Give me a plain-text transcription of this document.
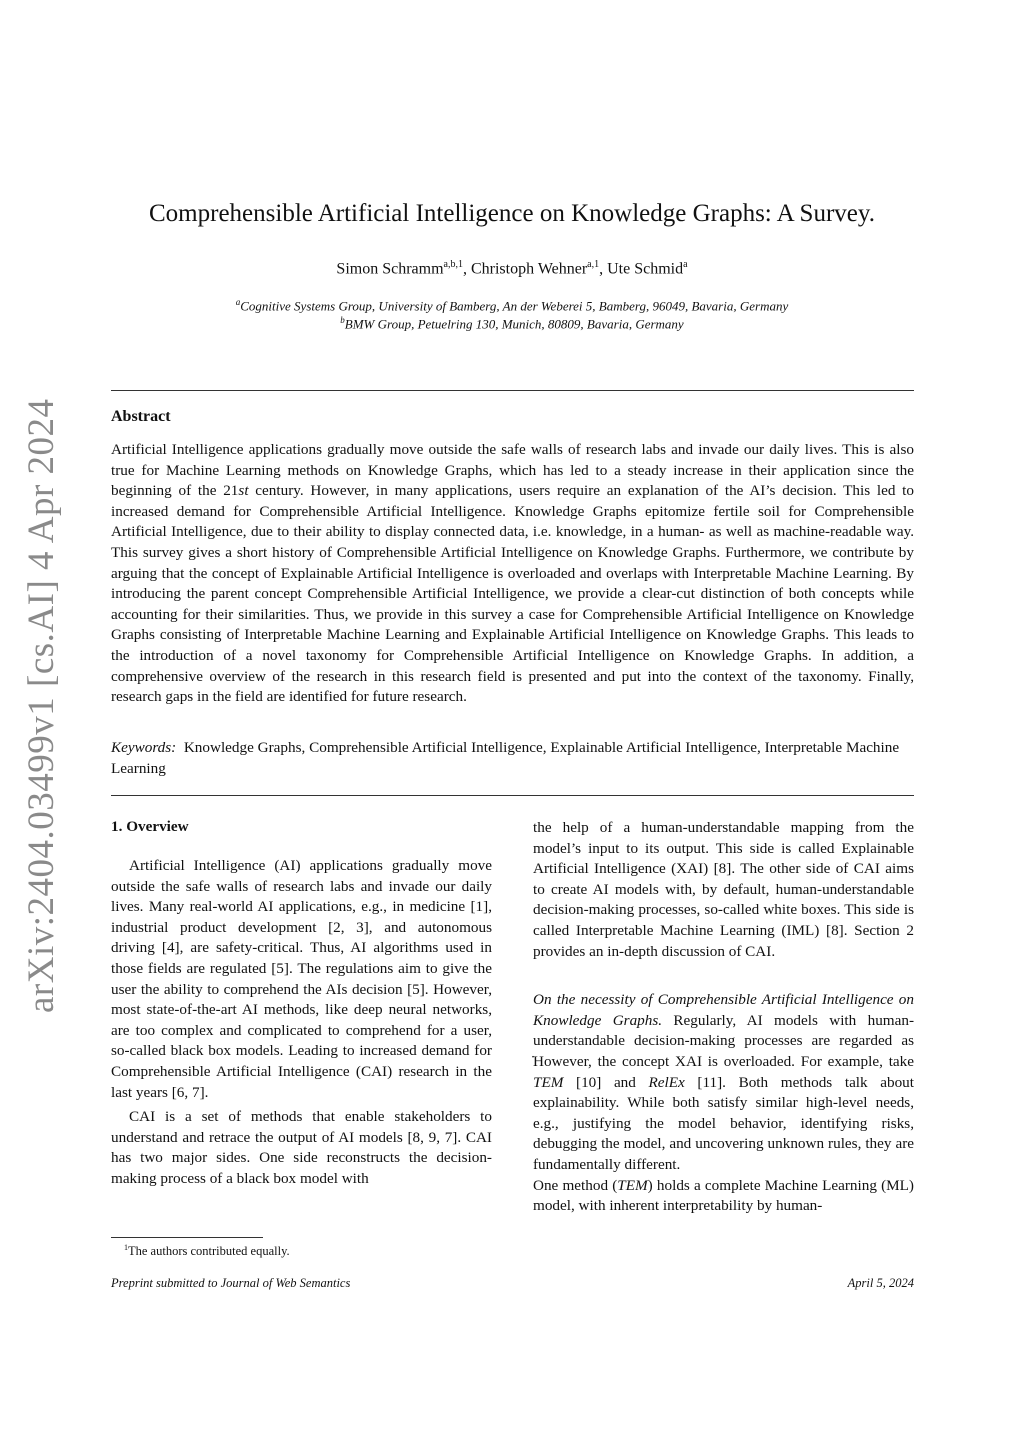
arXiv:2404.03499v1 [cs.AI] 4 Apr 2024
Comprehensible Artificial Intelligence on Knowledge Graphs: A Survey.
Simon Schramm$^{a,b,1}$, Christoph Wehner$^{a,1}$, Ute Schmid$^a$
$^a$Cognitive Systems Group, University of Bamberg, An der Weberei 5, Bamberg, 96049, Bavaria, Germany
$^b$BMW Group, Petuelring 130, Munich, 80809, Bavaria, Germany
Abstract

Artificial Intelligence applications gradually move outside the safe walls of research labs and invade our daily lives. This is also true for Machine Learning methods on Knowledge Graphs, which has led to a steady increase in their application since the beginning of the 21st century. However, in many applications, users require an explanation of the AI’s decision. This led to increased demand for Comprehensible Artificial Intelligence. Knowledge Graphs epitomize fertile soil for Comprehensible Artificial Intelligence, due to their ability to display connected data, i.e. knowledge, in a human- as well as machine-readable way. This survey gives a short history of Comprehensible Artificial Intelligence on Knowledge Graphs. Furthermore, we contribute by arguing that the concept of Explainable Artificial Intelligence is overloaded and overlaps with Interpretable Machine Learning. By introducing the parent concept Comprehensible Artificial Intelligence, we provide a clear-cut distinction of both concepts while accounting for their similarities. Thus, we provide in this survey a case for Comprehensible Artificial Intelligence on Knowledge Graphs consisting of Interpretable Machine Learning and Explainable Artificial Intelligence on Knowledge Graphs. This leads to the introduction of a novel taxonomy for Comprehensible Artificial Intelligence on Knowledge Graphs. In addition, a comprehensive overview of the research in this research field is presented and put into the context of the taxonomy. Finally, research gaps in the field are identified for future research.

Keywords: Knowledge Graphs, Comprehensible Artificial Intelligence, Explainable Artificial Intelligence, Interpretable Machine Learning

1. Overview

Artificial Intelligence (AI) applications gradually move outside the safe walls of research labs and invade our daily lives. Many real-world AI applications, e.g., in medicine [1], industrial product development [2, 3], and autonomous driving [4], are safety-critical. Thus, AI algorithms used in those fields are regulated [5]. The regulations aim to give the user the ability to comprehend the AIs decision [5]. However, most state-of-the-art AI methods, like deep neural networks, are too complex and complicated to comprehend for a user, so-called black box models. Leading to increased demand for Comprehensible Artificial Intelligence (CAI) research in the last years [6, 7].

CAI is a set of methods that enable stakeholders to understand and retrace the output of AI models [8, 9, 7]. CAI has two major sides. One side reconstructs the decision-making process of a black box model with

the help of a human-understandable mapping from the model’s input to its output. This side is called Explainable Artificial Intelligence (XAI) [8]. The other side of CAI aims to create AI models with, by default, human-understandable decision-making processes, so-called white boxes. This side is called Interpretable Machine Learning (IML) [8]. Section 2 provides an in-depth discussion of CAI.

On the necessity of Comprehensible Artificial Intelligence on Knowledge Graphs. Regularly, AI models with human-understandable decision-making processes are regarded as ̇However, the concept XAI is overloaded. For example, take TEM [10] and RelEx [11]. Both methods talk about explainability. While both satisfy similar high-level needs, e.g., justifying the model behavior, identifying risks, debugging the model, and uncovering unknown rules, they are fundamentally different.

One method (TEM) holds a complete Machine Learning (ML) model, with inherent interpretability by human-

$^1$The authors contributed equally.
Preprint submitted to Journal of Web Semantics	April 5, 2024
